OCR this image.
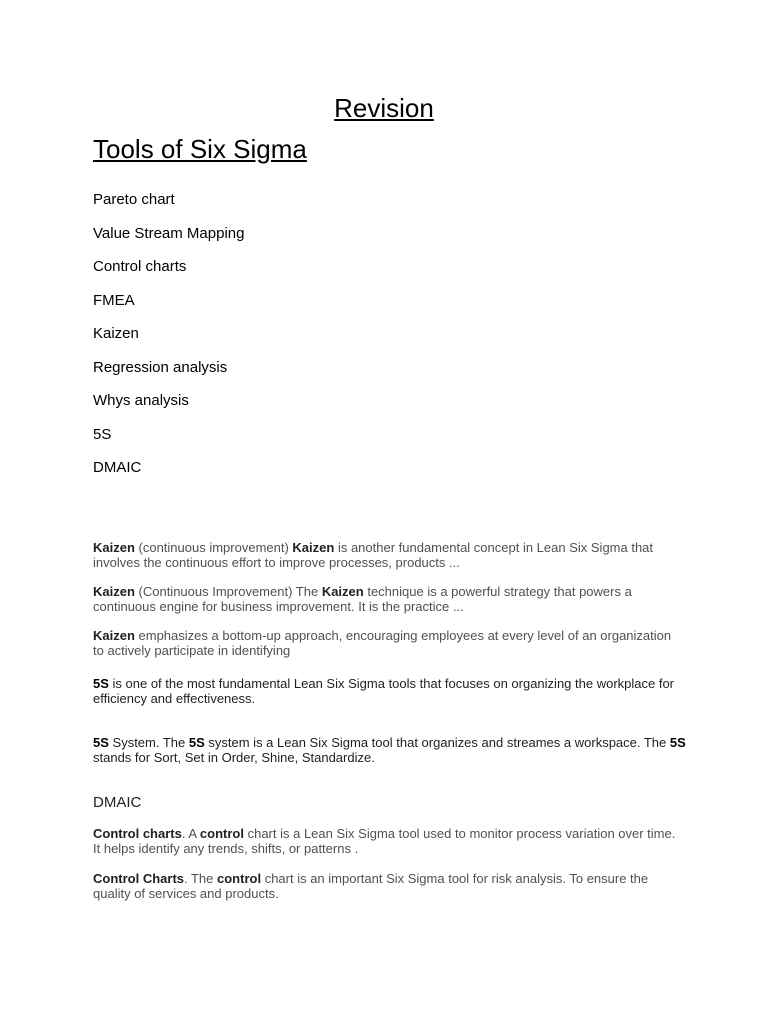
Revision
Tools of Six Sigma
Pareto chart
Value Stream Mapping
Control charts
FMEA
Kaizen
Regression analysis
Whys analysis
5S
DMAIC

Kaizen (continuous improvement) Kaizen is another fundamental concept in Lean Six Sigma that involves the continuous effort to improve processes, products ...

Kaizen (Continuous Improvement) The Kaizen technique is a powerful strategy that powers a continuous engine for business improvement. It is the practice ...

Kaizen emphasizes a bottom-up approach, encouraging employees at every level of an organization to actively participate in identifying

5S is one of the most fundamental Lean Six Sigma tools that focuses on organizing the workplace for efficiency and effectiveness.

5S System. The 5S system is a Lean Six Sigma tool that organizes and streames a workspace. The 5S stands for Sort, Set in Order, Shine, Standardize.

DMAIC

Control charts. A control chart is a Lean Six Sigma tool used to monitor process variation over time. It helps identify any trends, shifts, or patterns .

Control Charts. The control chart is an important Six Sigma tool for risk analysis. To ensure the quality of services and products.
